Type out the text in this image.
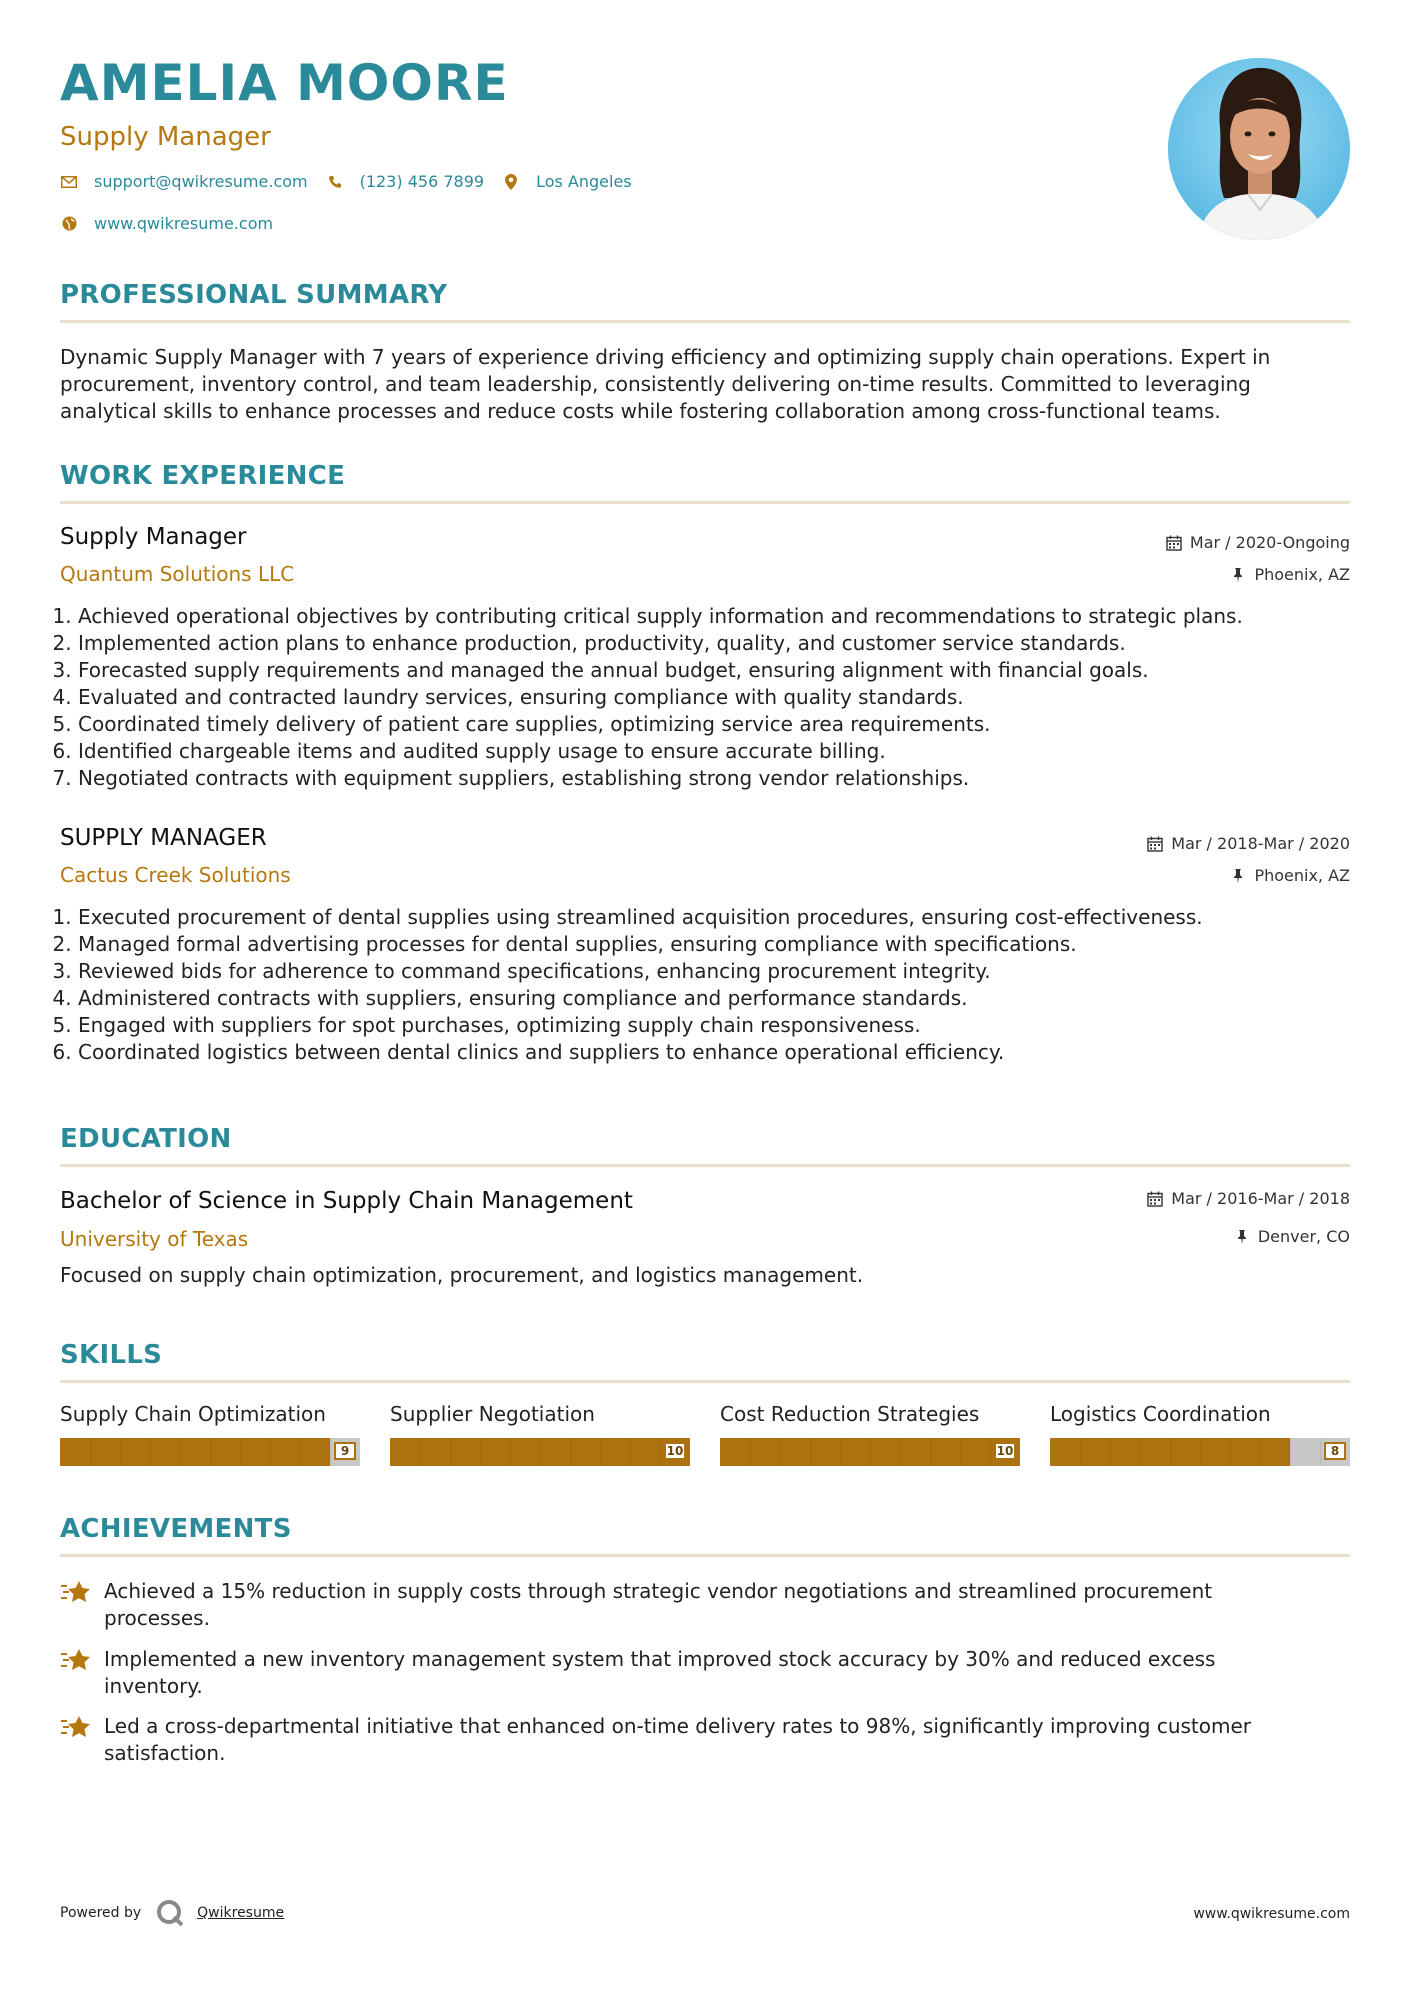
AMELIA MOORE
Supply Manager
support@qwikresume.com	(123) 456 7899	Los Angeles
www.qwikresume.com
PROFESSIONAL SUMMARY
Dynamic Supply Manager with 7 years of experience driving efficiency and optimizing supply chain operations. Expert in procurement, inventory control, and team leadership, consistently delivering on-time results. Committed to leveraging analytical skills to enhance processes and reduce costs while fostering collaboration among cross-functional teams.
WORK EXPERIENCE
Supply Manager
Quantum Solutions LLC
Mar / 2020-Ongoing
Phoenix, AZ
1. Achieved operational objectives by contributing critical supply information and recommendations to strategic plans.
2. Implemented action plans to enhance production, productivity, quality, and customer service standards.
3. Forecasted supply requirements and managed the annual budget, ensuring alignment with financial goals.
4. Evaluated and contracted laundry services, ensuring compliance with quality standards.
5. Coordinated timely delivery of patient care supplies, optimizing service area requirements.
6. Identified chargeable items and audited supply usage to ensure accurate billing.
7. Negotiated contracts with equipment suppliers, establishing strong vendor relationships.
SUPPLY MANAGER
Cactus Creek Solutions
Mar / 2018-Mar / 2020
Phoenix, AZ
1. Executed procurement of dental supplies using streamlined acquisition procedures, ensuring cost-effectiveness.
2. Managed formal advertising processes for dental supplies, ensuring compliance with specifications.
3. Reviewed bids for adherence to command specifications, enhancing procurement integrity.
4. Administered contracts with suppliers, ensuring compliance and performance standards.
5. Engaged with suppliers for spot purchases, optimizing supply chain responsiveness.
6. Coordinated logistics between dental clinics and suppliers to enhance operational efficiency.
EDUCATION
Bachelor of Science in Supply Chain Management
University of Texas
Mar / 2016-Mar / 2018
Denver, CO
Focused on supply chain optimization, procurement, and logistics management.
SKILLS
Supply Chain Optimization
9
Supplier Negotiation
10
Cost Reduction Strategies
10
Logistics Coordination
8
ACHIEVEMENTS
Achieved a 15% reduction in supply costs through strategic vendor negotiations and streamlined procurement processes.
Implemented a new inventory management system that improved stock accuracy by 30% and reduced excess inventory.
Led a cross-departmental initiative that enhanced on-time delivery rates to 98%, significantly improving customer satisfaction.
Powered by	Qwikresume	www.qwikresume.com
